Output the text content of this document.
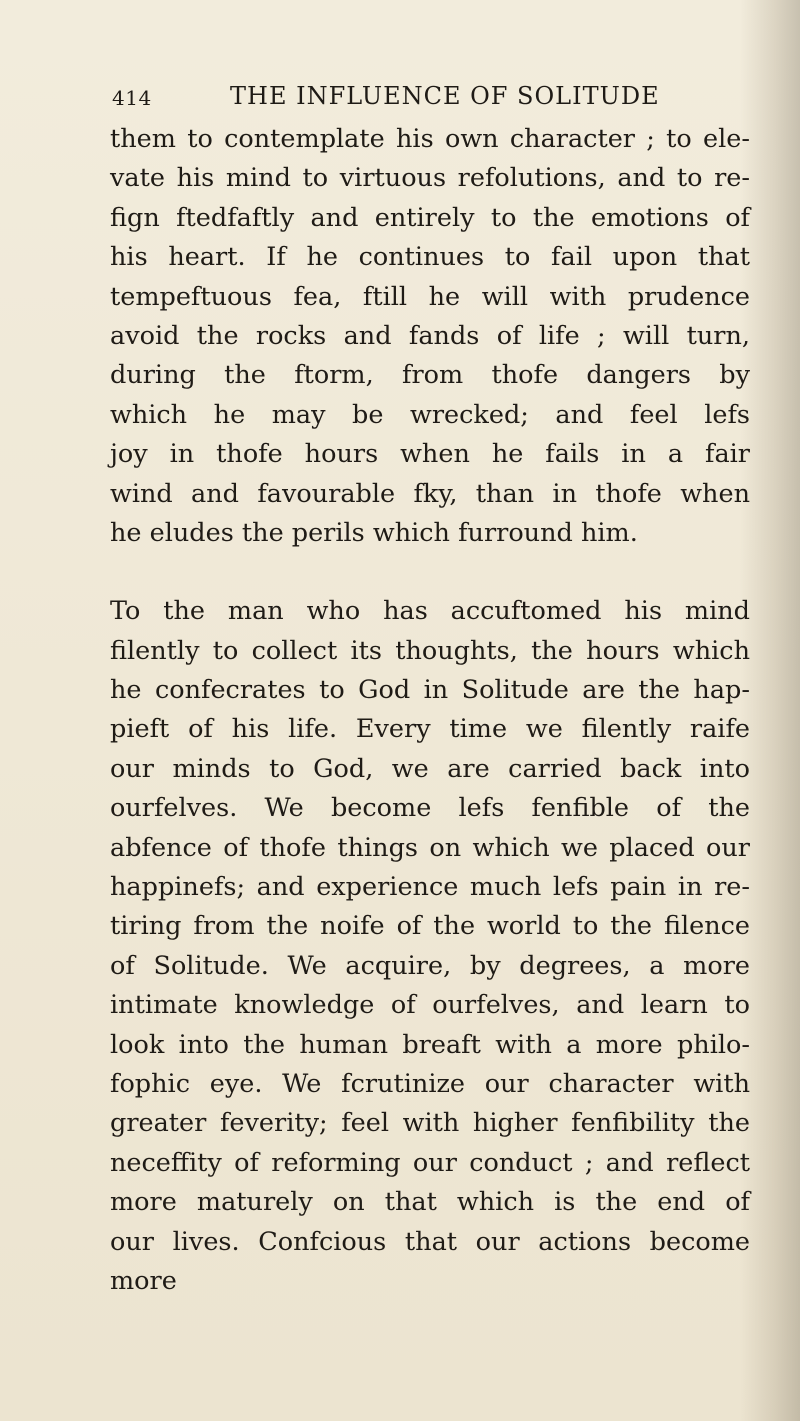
414	THE INFLUENCE OF SOLITUDE
them to contemplate his own character ; to ele-
vate his mind to virtuous refolutions, and to re-
fign ftedfaftly and entirely to the emotions of
his heart. If he continues to fail upon that
tempeftuous fea, ftill he will with prudence
avoid the rocks and fands of life ; will turn,
during the ftorm, from thofe dangers by
which he may be wrecked; and feel lefs
joy in thofe hours when he fails in a fair
wind and favourable fky, than in thofe when
he eludes the perils which furround him.
To the man who has accuftomed his mind
filently to collect its thoughts, the hours which
he confecrates to God in Solitude are the hap-
pieft of his life. Every time we filently raife
our minds to God, we are carried back into
ourfelves. We become lefs fenfible of the
abfence of thofe things on which we placed our
happinefs; and experience much lefs pain in re-
tiring from the noife of the world to the filence
of Solitude. We acquire, by degrees, a more
intimate knowledge of ourfelves, and learn to
look into the human breaft with a more philo-
fophic eye. We fcrutinize our character with
greater feverity; feel with higher fenfibility the
neceffity of reforming our conduct ; and reflect
more maturely on that which is the end of
our lives. Confcious that our actions become
more
